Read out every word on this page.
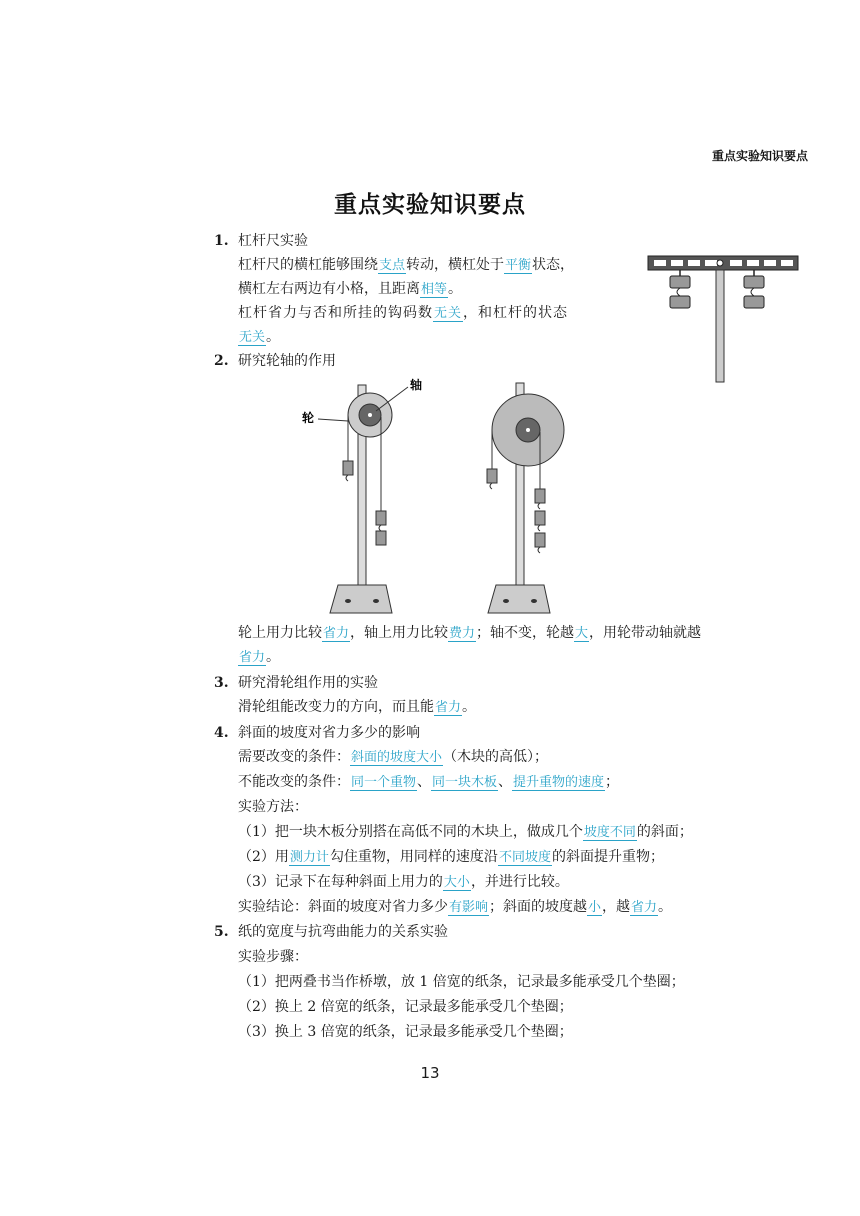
重点实验知识要点
重点实验知识要点
轴
轮
1. 杠杆尺实验
杠杆尺的横杠能够围绕支点转动，横杠处于平衡状态，
横杠左右两边有小格，且距离相等。
杠杆省力与否和所挂的钩码数无关，和杠杆的状态
无关。
2. 研究轮轴的作用
轮上用力比较省力，轴上用力比较费力；轴不变，轮越大，用轮带动轴就越
省力。
3. 研究滑轮组作用的实验
滑轮组能改变力的方向，而且能省力。
4. 斜面的坡度对省力多少的影响
需要改变的条件：斜面的坡度大小（木块的高低）；
不能改变的条件：同一个重物、同一块木板、提升重物的速度；
实验方法：
（1）把一块木板分别搭在高低不同的木块上，做成几个坡度不同的斜面；
（2）用测力计勾住重物，用同样的速度沿不同坡度的斜面提升重物；
（3）记录下在每种斜面上用力的大小，并进行比较。
实验结论：斜面的坡度对省力多少有影响；斜面的坡度越小，越省力。
5. 纸的宽度与抗弯曲能力的关系实验
实验步骤：
（1）把两叠书当作桥墩，放 1 倍宽的纸条，记录最多能承受几个垫圈；
（2）换上 2 倍宽的纸条，记录最多能承受几个垫圈；
（3）换上 3 倍宽的纸条，记录最多能承受几个垫圈；
13
